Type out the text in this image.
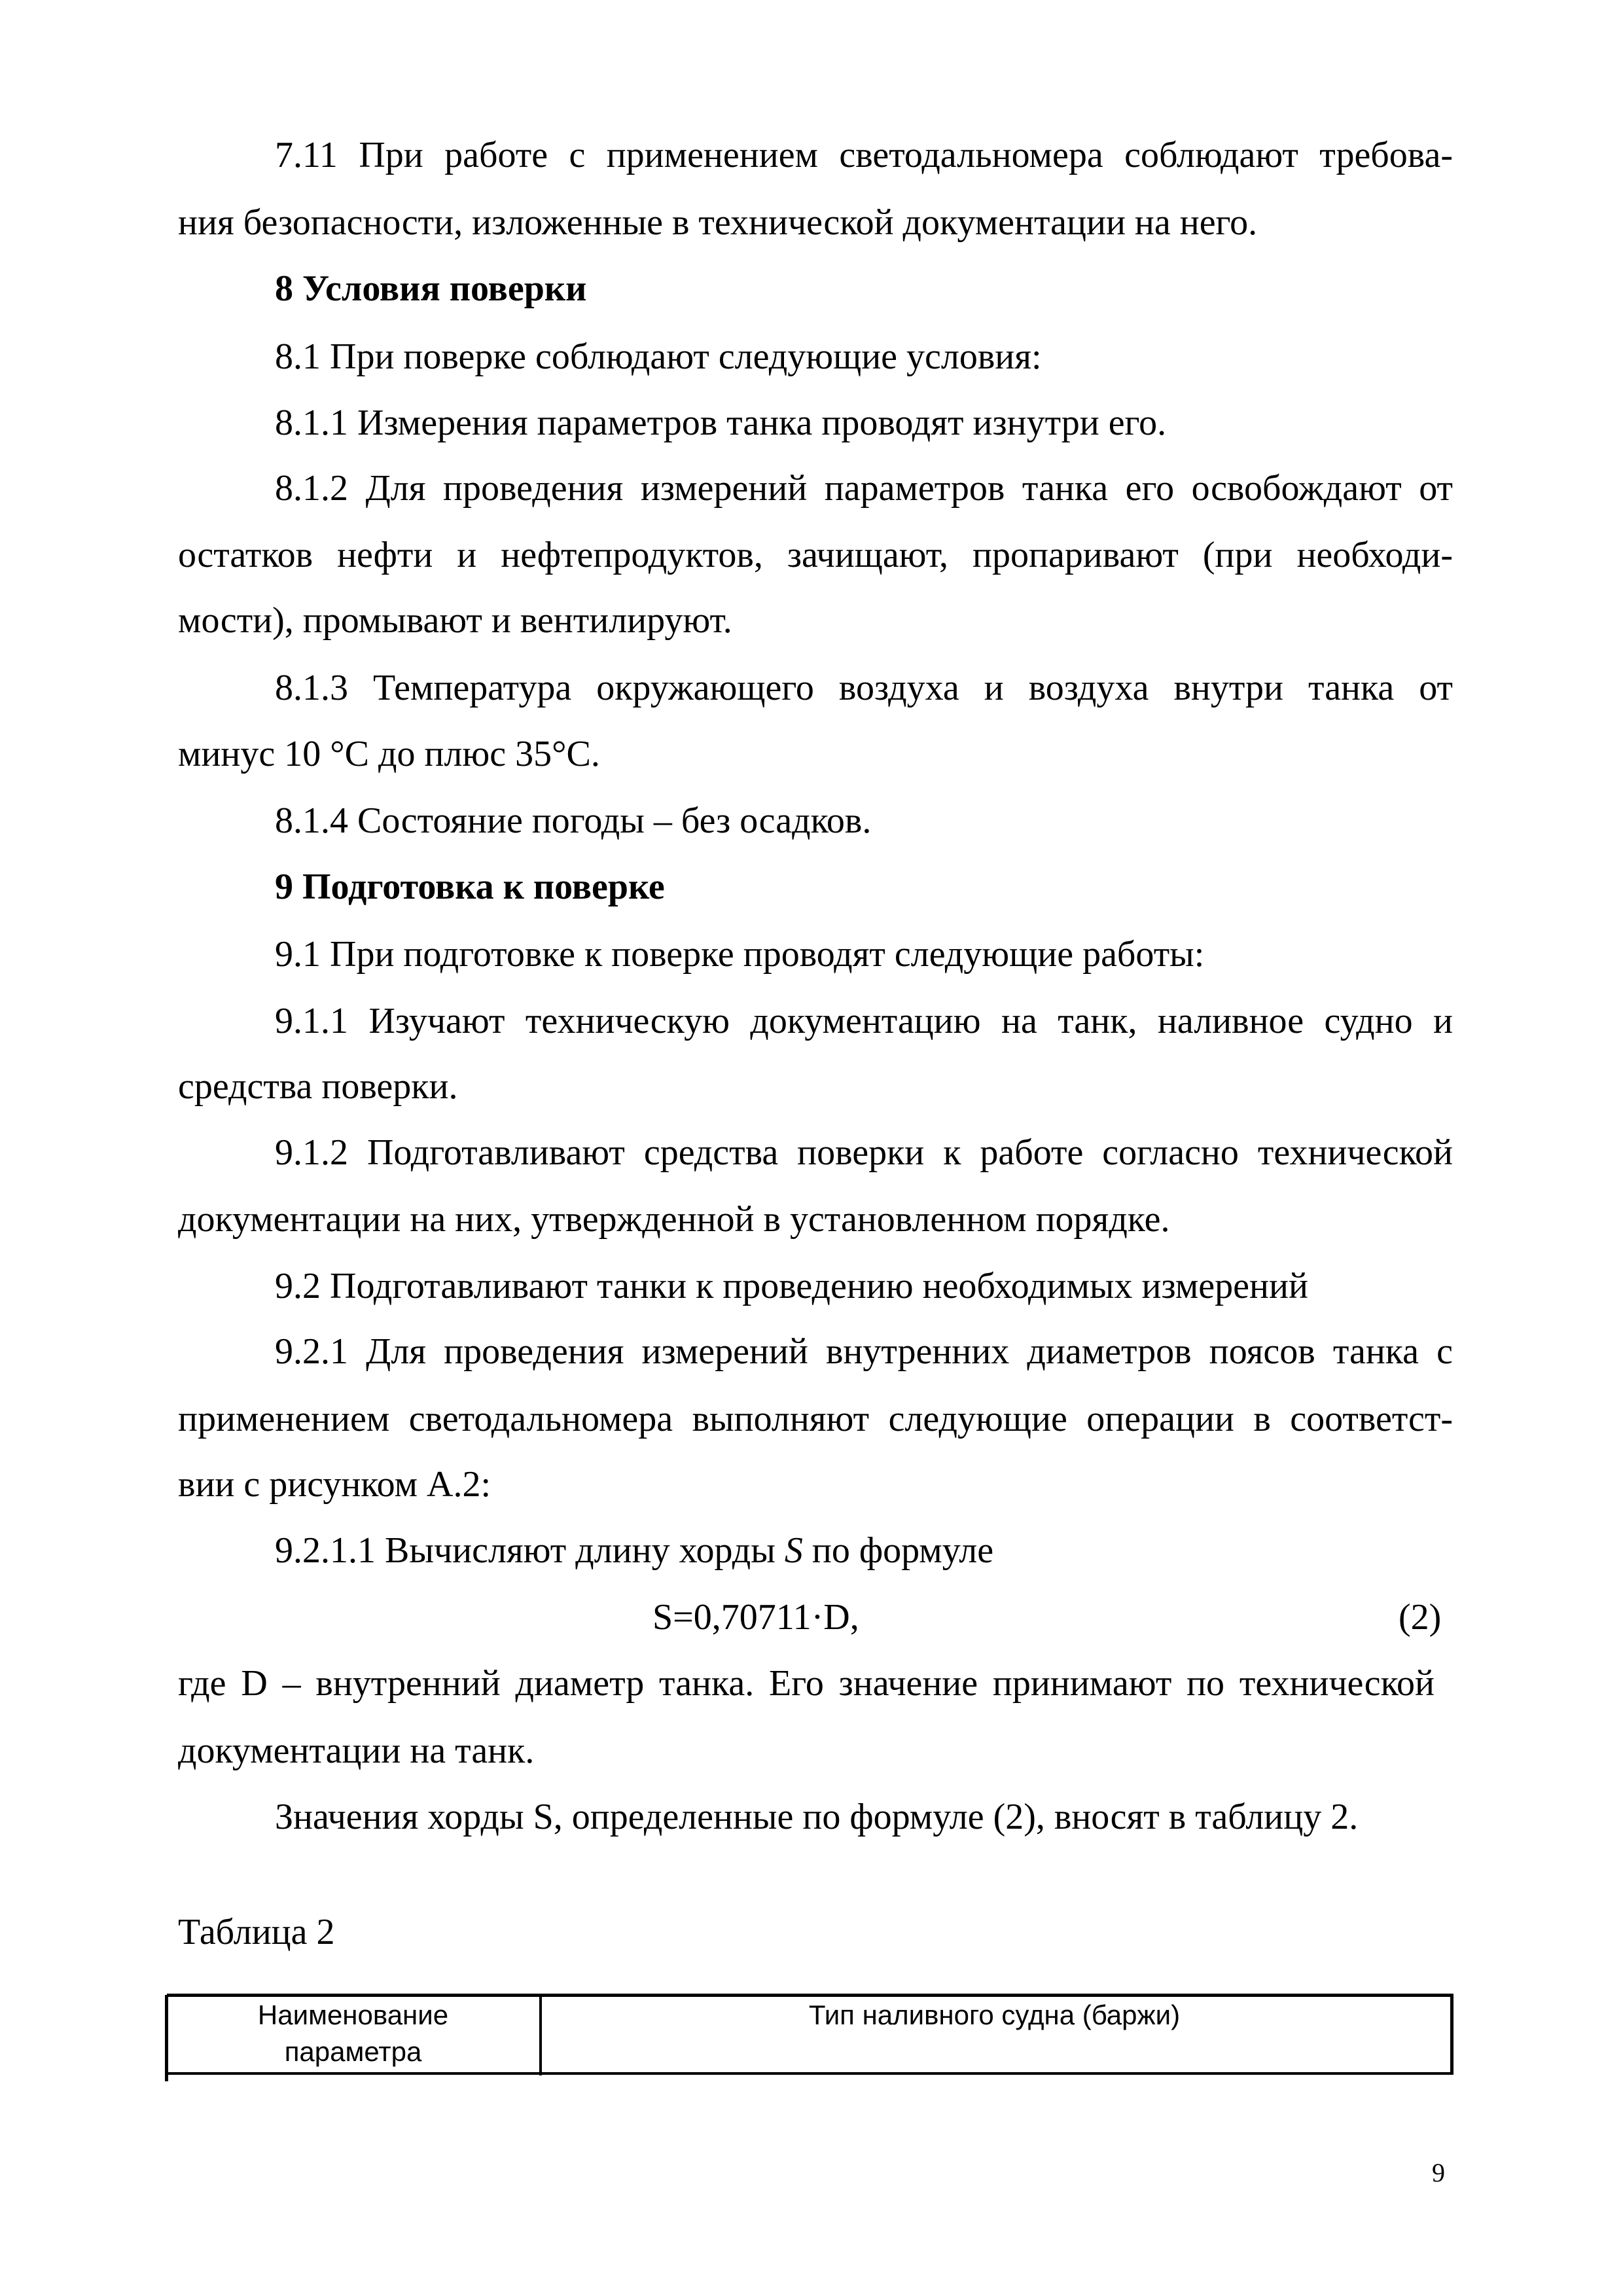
7.11 При работе с применением светодальномера соблюдают требова-
ния безопасности, изложенные в технической документации на него.
8 Условия поверки
8.1 При поверке соблюдают следующие условия:
8.1.1 Измерения параметров танка проводят изнутри его.
8.1.2 Для проведения измерений параметров танка его освобождают от
остатков нефти и нефтепродуктов, зачищают, пропаривают (при необходи-
мости), промывают и вентилируют.
8.1.3 Температура окружающего воздуха и воздуха внутри танка от
минус 10 °С до плюс 35°С.
8.1.4 Состояние погоды – без осадков.
9 Подготовка к поверке
9.1 При подготовке к поверке проводят следующие работы:
9.1.1 Изучают техническую документацию на танк, наливное судно и
средства поверки.
9.1.2 Подготавливают средства поверки к работе согласно технической
документации на них, утвержденной в установленном порядке.
9.2 Подготавливают танки к проведению необходимых измерений
9.2.1 Для проведения измерений внутренних диаметров поясов танка с
применением светодальномера выполняют следующие операции в соответст-
вии с рисунком А.2:
9.2.1.1 Вычисляют длину хорды S по формуле
S=0,70711·D,	(2)
где D – внутренний диаметр танка. Его значение принимают по технической
документации на танк.
Значения хорды S, определенные по формуле (2), вносят в таблицу 2.
Таблица 2
Наименование
параметра
Тип наливного судна (баржи)
9
